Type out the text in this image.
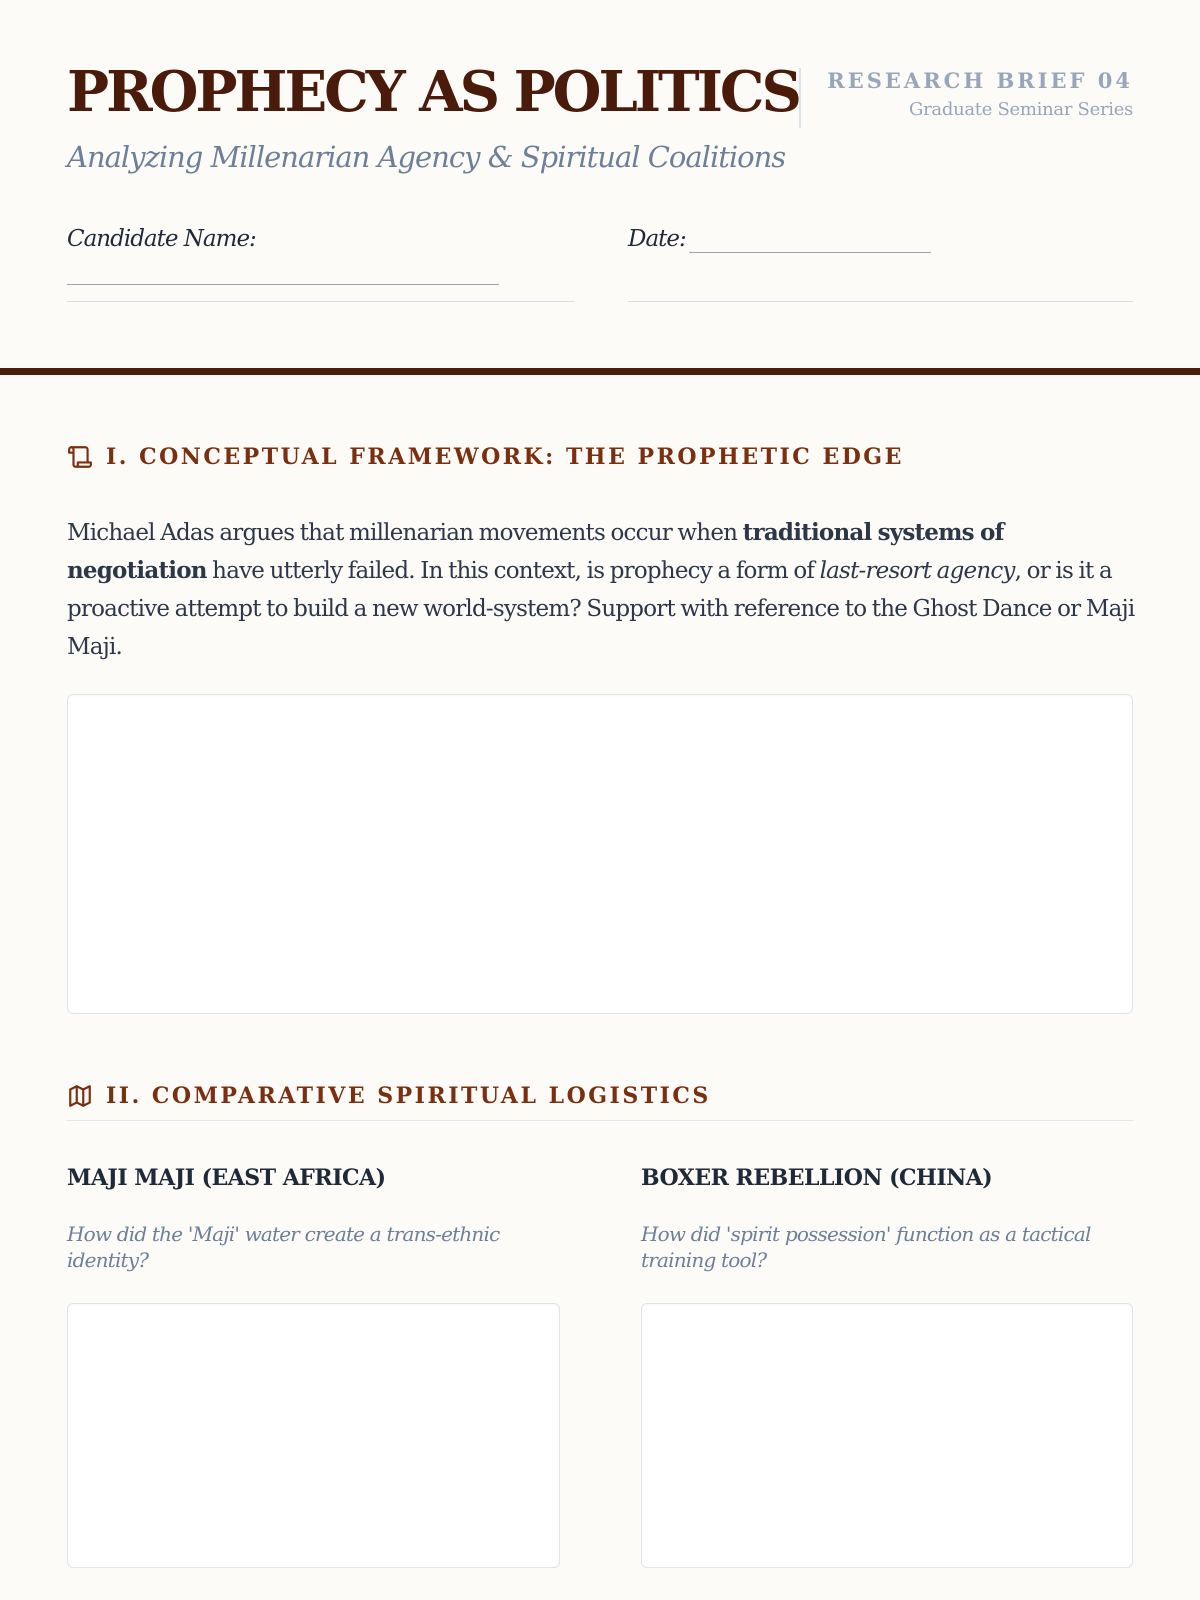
PROPHECY AS POLITICS
Analyzing Millenarian Agency & Spiritual Coalitions
RESEARCH BRIEF 04
Graduate Seminar Series
Candidate Name:	Date:
I. CONCEPTUAL FRAMEWORK: THE PROPHETIC EDGE

Michael Adas argues that millenarian movements occur when traditional systems of negotiation have utterly failed. In this context, is prophecy a form of last-resort agency, or is it a proactive attempt to build a new world-system? Support with reference to the Ghost Dance or Maji Maji.

II. COMPARATIVE SPIRITUAL LOGISTICS
MAJI MAJI (EAST AFRICA)	BOXER REBELLION (CHINA)
How did the 'Maji' water create a trans-ethnic identity?
How did 'spirit possession' function as a tactical training tool?
